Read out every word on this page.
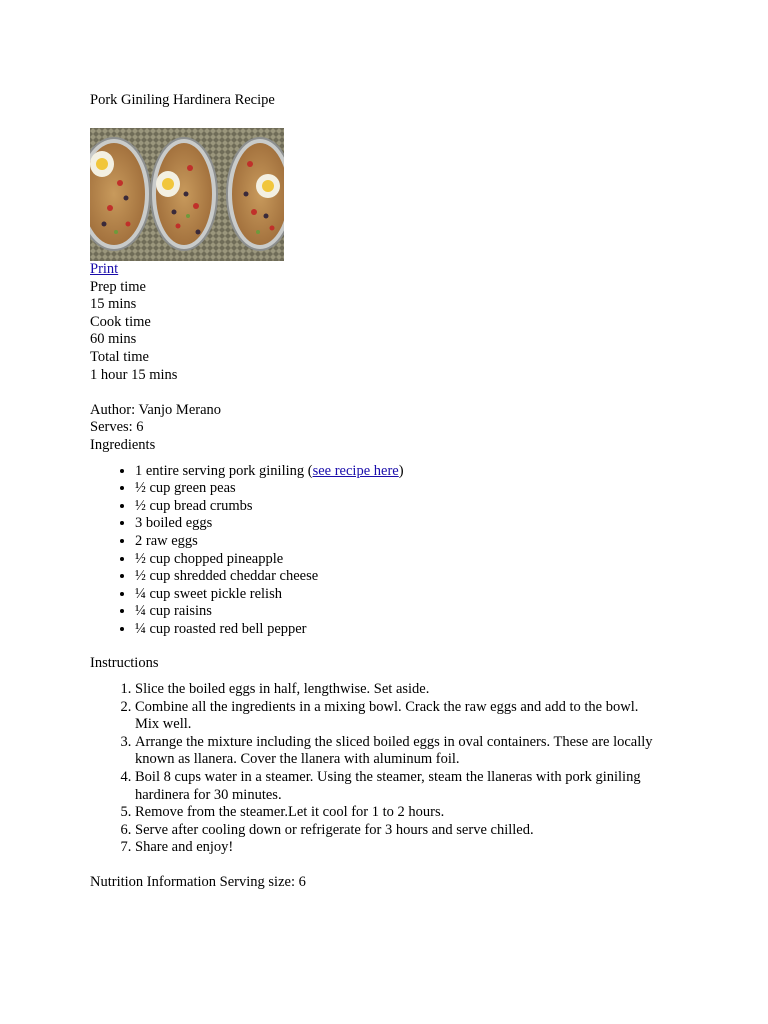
Pork Giniling Hardinera Recipe
Print
Prep time
15 mins
Cook time
60 mins
Total time
1 hour 15 mins
Author: Vanjo Merano
Serves: 6
Ingredients
• 1 entire serving pork giniling (see recipe here)
• ½ cup green peas
• ½ cup bread crumbs
• 3 boiled eggs
• 2 raw eggs
• ½ cup chopped pineapple
• ½ cup shredded cheddar cheese
• ¼ cup sweet pickle relish
• ¼ cup raisins
• ¼ cup roasted red bell pepper
Instructions
1. Slice the boiled eggs in half, lengthwise. Set aside.
2. Combine all the ingredients in a mixing bowl. Crack the raw eggs and add to the bowl. Mix well.
3. Arrange the mixture including the sliced boiled eggs in oval containers. These are locally known as llanera. Cover the llanera with aluminum foil.
4. Boil 8 cups water in a steamer. Using the steamer, steam the llaneras with pork giniling hardinera for 30 minutes.
5. Remove from the steamer.Let it cool for 1 to 2 hours.
6. Serve after cooling down or refrigerate for 3 hours and serve chilled.
7. Share and enjoy!
Nutrition Information Serving size: 6
